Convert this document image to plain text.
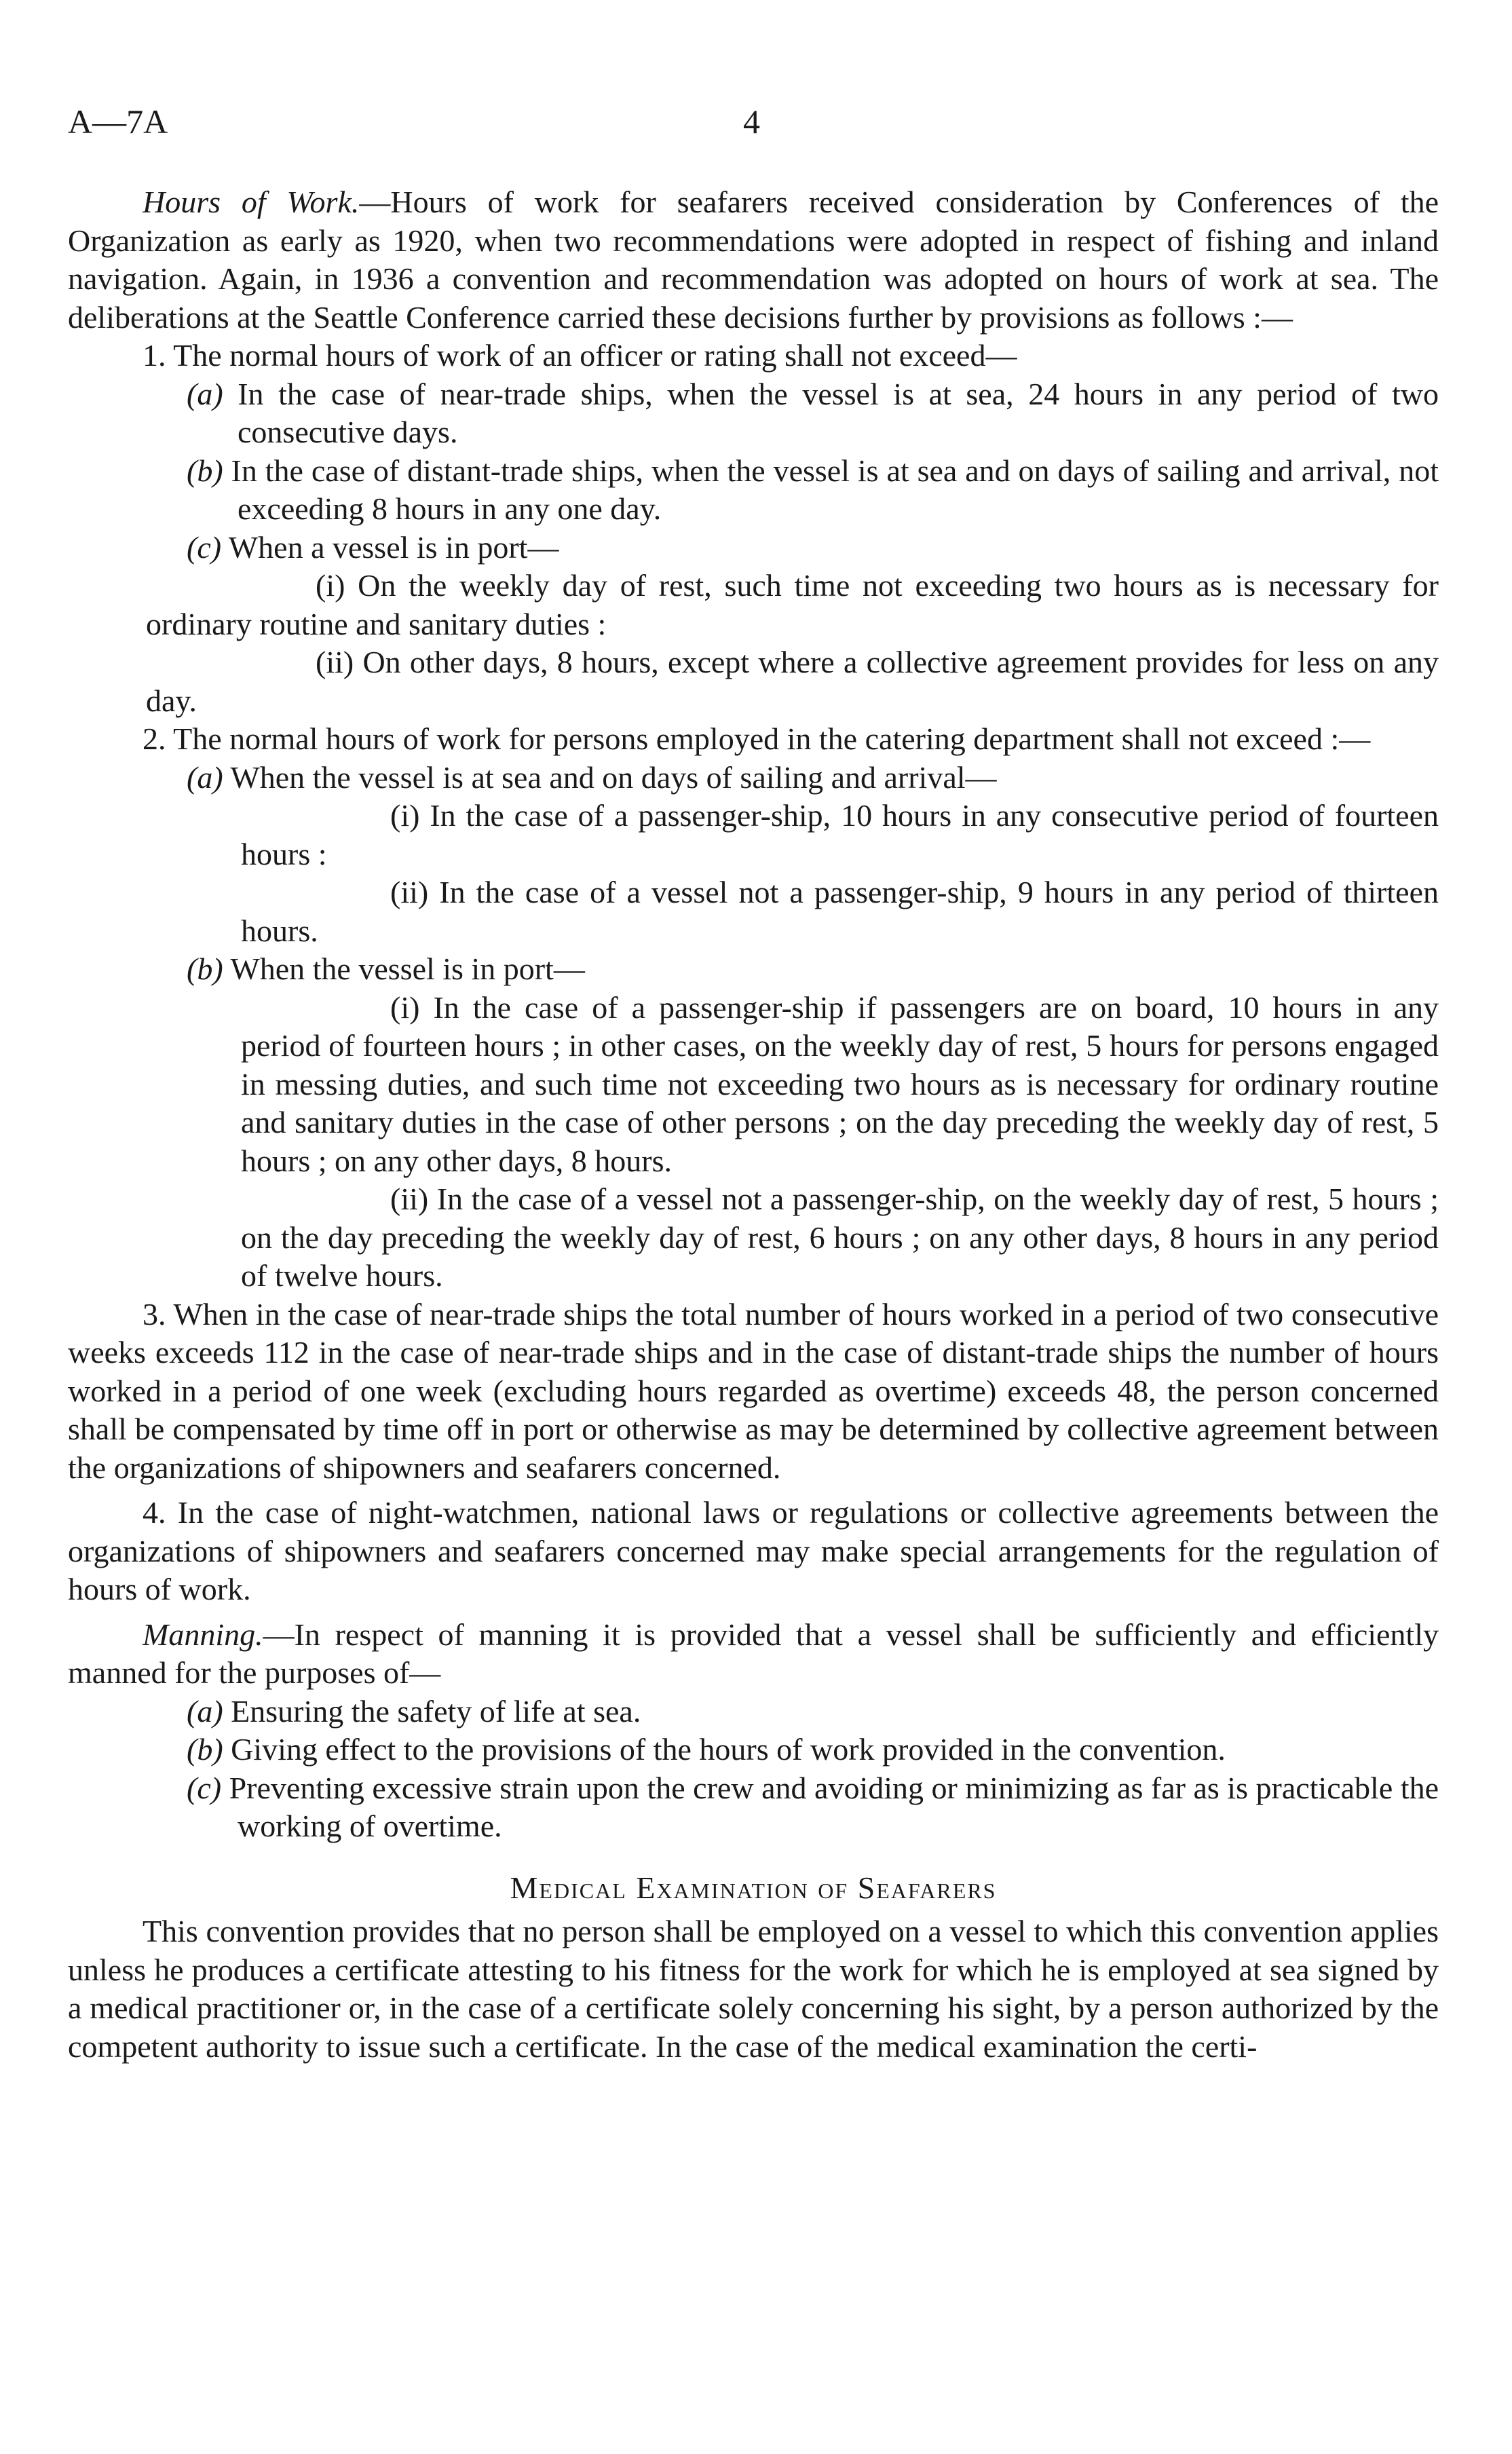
A—7A	4

Hours of Work.—Hours of work for seafarers received consideration by Conferences of the Organization as early as 1920, when two recommendations were adopted in respect of fishing and inland navigation. Again, in 1936 a convention and recommendation was adopted on hours of work at sea. The deliberations at the Seattle Conference carried these decisions further by provisions as follows :—

1. The normal hours of work of an officer or rating shall not exceed—

(a) In the case of near-trade ships, when the vessel is at sea, 24 hours in any period of two consecutive days.

(b) In the case of distant-trade ships, when the vessel is at sea and on days of sailing and arrival, not exceeding 8 hours in any one day.

(c) When a vessel is in port—

(i) On the weekly day of rest, such time not exceeding two hours as is necessary for ordinary routine and sanitary duties :

(ii) On other days, 8 hours, except where a collective agreement provides for less on any day.

2. The normal hours of work for persons employed in the catering department shall not exceed :—

(a) When the vessel is at sea and on days of sailing and arrival—

(i) In the case of a passenger-ship, 10 hours in any consecutive period of fourteen hours :

(ii) In the case of a vessel not a passenger-ship, 9 hours in any period of thirteen hours.

(b) When the vessel is in port—

(i) In the case of a passenger-ship if passengers are on board, 10 hours in any period of fourteen hours ; in other cases, on the weekly day of rest, 5 hours for persons engaged in messing duties, and such time not exceeding two hours as is necessary for ordinary routine and sanitary duties in the case of other persons ; on the day preceding the weekly day of rest, 5 hours ; on any other days, 8 hours.

(ii) In the case of a vessel not a passenger-ship, on the weekly day of rest, 5 hours ; on the day preceding the weekly day of rest, 6 hours ; on any other days, 8 hours in any period of twelve hours.

3. When in the case of near-trade ships the total number of hours worked in a period of two consecutive weeks exceeds 112 in the case of near-trade ships and in the case of distant-trade ships the number of hours worked in a period of one week (excluding hours regarded as overtime) exceeds 48, the person concerned shall be compensated by time off in port or otherwise as may be determined by collective agreement between the organizations of shipowners and seafarers concerned.

4. In the case of night-watchmen, national laws or regulations or collective agreements between the organizations of shipowners and seafarers concerned may make special arrangements for the regulation of hours of work.

Manning.—In respect of manning it is provided that a vessel shall be sufficiently and efficiently manned for the purposes of—

(a) Ensuring the safety of life at sea.

(b) Giving effect to the provisions of the hours of work provided in the convention.

(c) Preventing excessive strain upon the crew and avoiding or minimizing as far as is practicable the working of overtime.

Medical Examination of Seafarers

This convention provides that no person shall be employed on a vessel to which this convention applies unless he produces a certificate attesting to his fitness for the work for which he is employed at sea signed by a medical practitioner or, in the case of a certificate solely concerning his sight, by a person authorized by the competent authority to issue such a certificate. In the case of the medical examination the certi-
